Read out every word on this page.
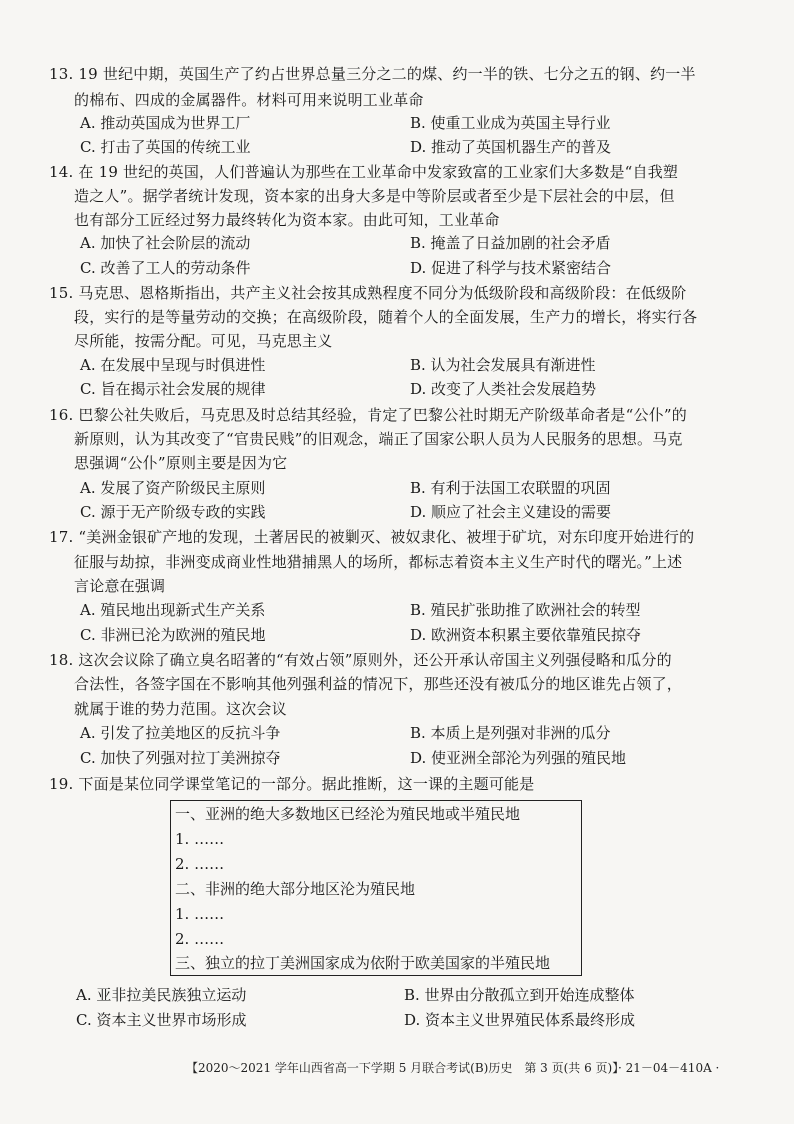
13. 19 世纪中期，英国生产了约占世界总量三分之二的煤、约一半的铁、七分之五的钢、约一半
的棉布、四成的金属器件。材料可用来说明工业革命
A. 推动英国成为世界工厂	B. 使重工业成为英国主导行业
C. 打击了英国的传统工业	D. 推动了英国机器生产的普及
14. 在 19 世纪的英国，人们普遍认为那些在工业革命中发家致富的工业家们大多数是“自我塑
造之人”。据学者统计发现，资本家的出身大多是中等阶层或者至少是下层社会的中层，但
也有部分工匠经过努力最终转化为资本家。由此可知，工业革命
A. 加快了社会阶层的流动	B. 掩盖了日益加剧的社会矛盾
C. 改善了工人的劳动条件	D. 促进了科学与技术紧密结合
15. 马克思、恩格斯指出，共产主义社会按其成熟程度不同分为低级阶段和高级阶段：在低级阶
段，实行的是等量劳动的交换；在高级阶段，随着个人的全面发展，生产力的增长，将实行各
尽所能，按需分配。可见，马克思主义
A. 在发展中呈现与时俱进性	B. 认为社会发展具有渐进性
C. 旨在揭示社会发展的规律	D. 改变了人类社会发展趋势
16. 巴黎公社失败后，马克思及时总结其经验，肯定了巴黎公社时期无产阶级革命者是“公仆”的
新原则，认为其改变了“官贵民贱”的旧观念，端正了国家公职人员为人民服务的思想。马克
思强调“公仆”原则主要是因为它
A. 发展了资产阶级民主原则	B. 有利于法国工农联盟的巩固
C. 源于无产阶级专政的实践	D. 顺应了社会主义建设的需要
17. “美洲金银矿产地的发现，土著居民的被剿灭、被奴隶化、被埋于矿坑，对东印度开始进行的
征服与劫掠，非洲变成商业性地猎捕黑人的场所，都标志着资本主义生产时代的曙光。”上述
言论意在强调
A. 殖民地出现新式生产关系	B. 殖民扩张助推了欧洲社会的转型
C. 非洲已沦为欧洲的殖民地	D. 欧洲资本积累主要依靠殖民掠夺
18. 这次会议除了确立臭名昭著的“有效占领”原则外，还公开承认帝国主义列强侵略和瓜分的
合法性，各签字国在不影响其他列强利益的情况下，那些还没有被瓜分的地区谁先占领了，
就属于谁的势力范围。这次会议
A. 引发了拉美地区的反抗斗争	B. 本质上是列强对非洲的瓜分
C. 加快了列强对拉丁美洲掠夺	D. 使亚洲全部沦为列强的殖民地
19. 下面是某位同学课堂笔记的一部分。据此推断，这一课的主题可能是
一、亚洲的绝大多数地区已经沦为殖民地或半殖民地
1. ……
2. ……
二、非洲的绝大部分地区沦为殖民地
1. ……
2. ……
三、独立的拉丁美洲国家成为依附于欧美国家的半殖民地
A. 亚非拉美民族独立运动	B. 世界由分散孤立到开始连成整体
C. 资本主义世界市场形成	D. 资本主义世界殖民体系最终形成
【2020～2021 学年山西省高一下学期 5 月联合考试(B)历史　第 3 页(共 6 页)】
· 21－04－410A ·
